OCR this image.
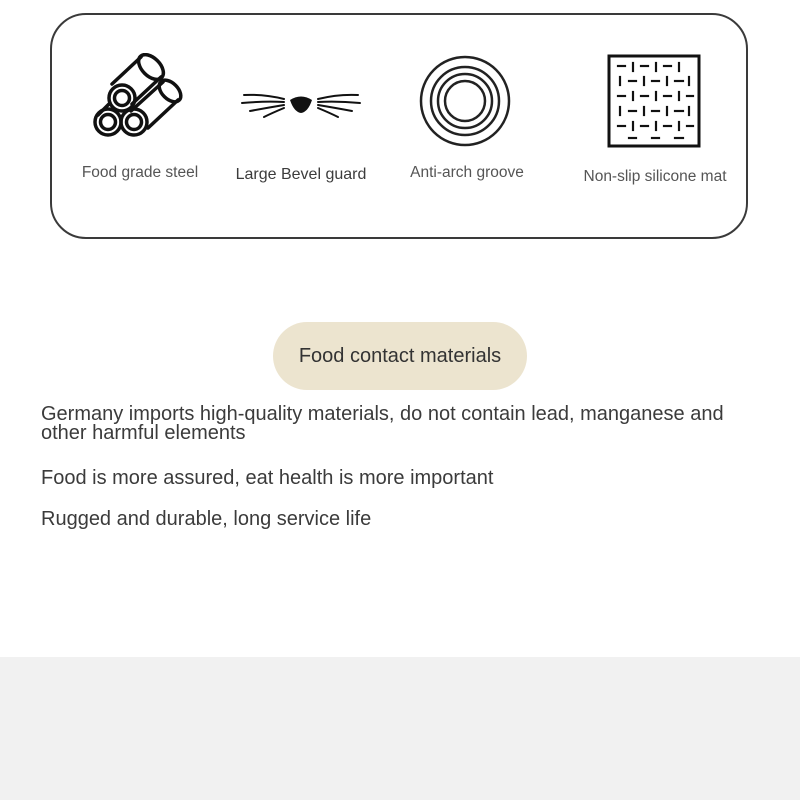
Food grade steel	Large Bevel guard	Anti-arch groove	Non-slip silicone mat
Food contact materials
Germany imports high-quality materials, do not contain lead, manganese and other harmful elements
Food is more assured, eat health is more important
Rugged and durable, long service life
